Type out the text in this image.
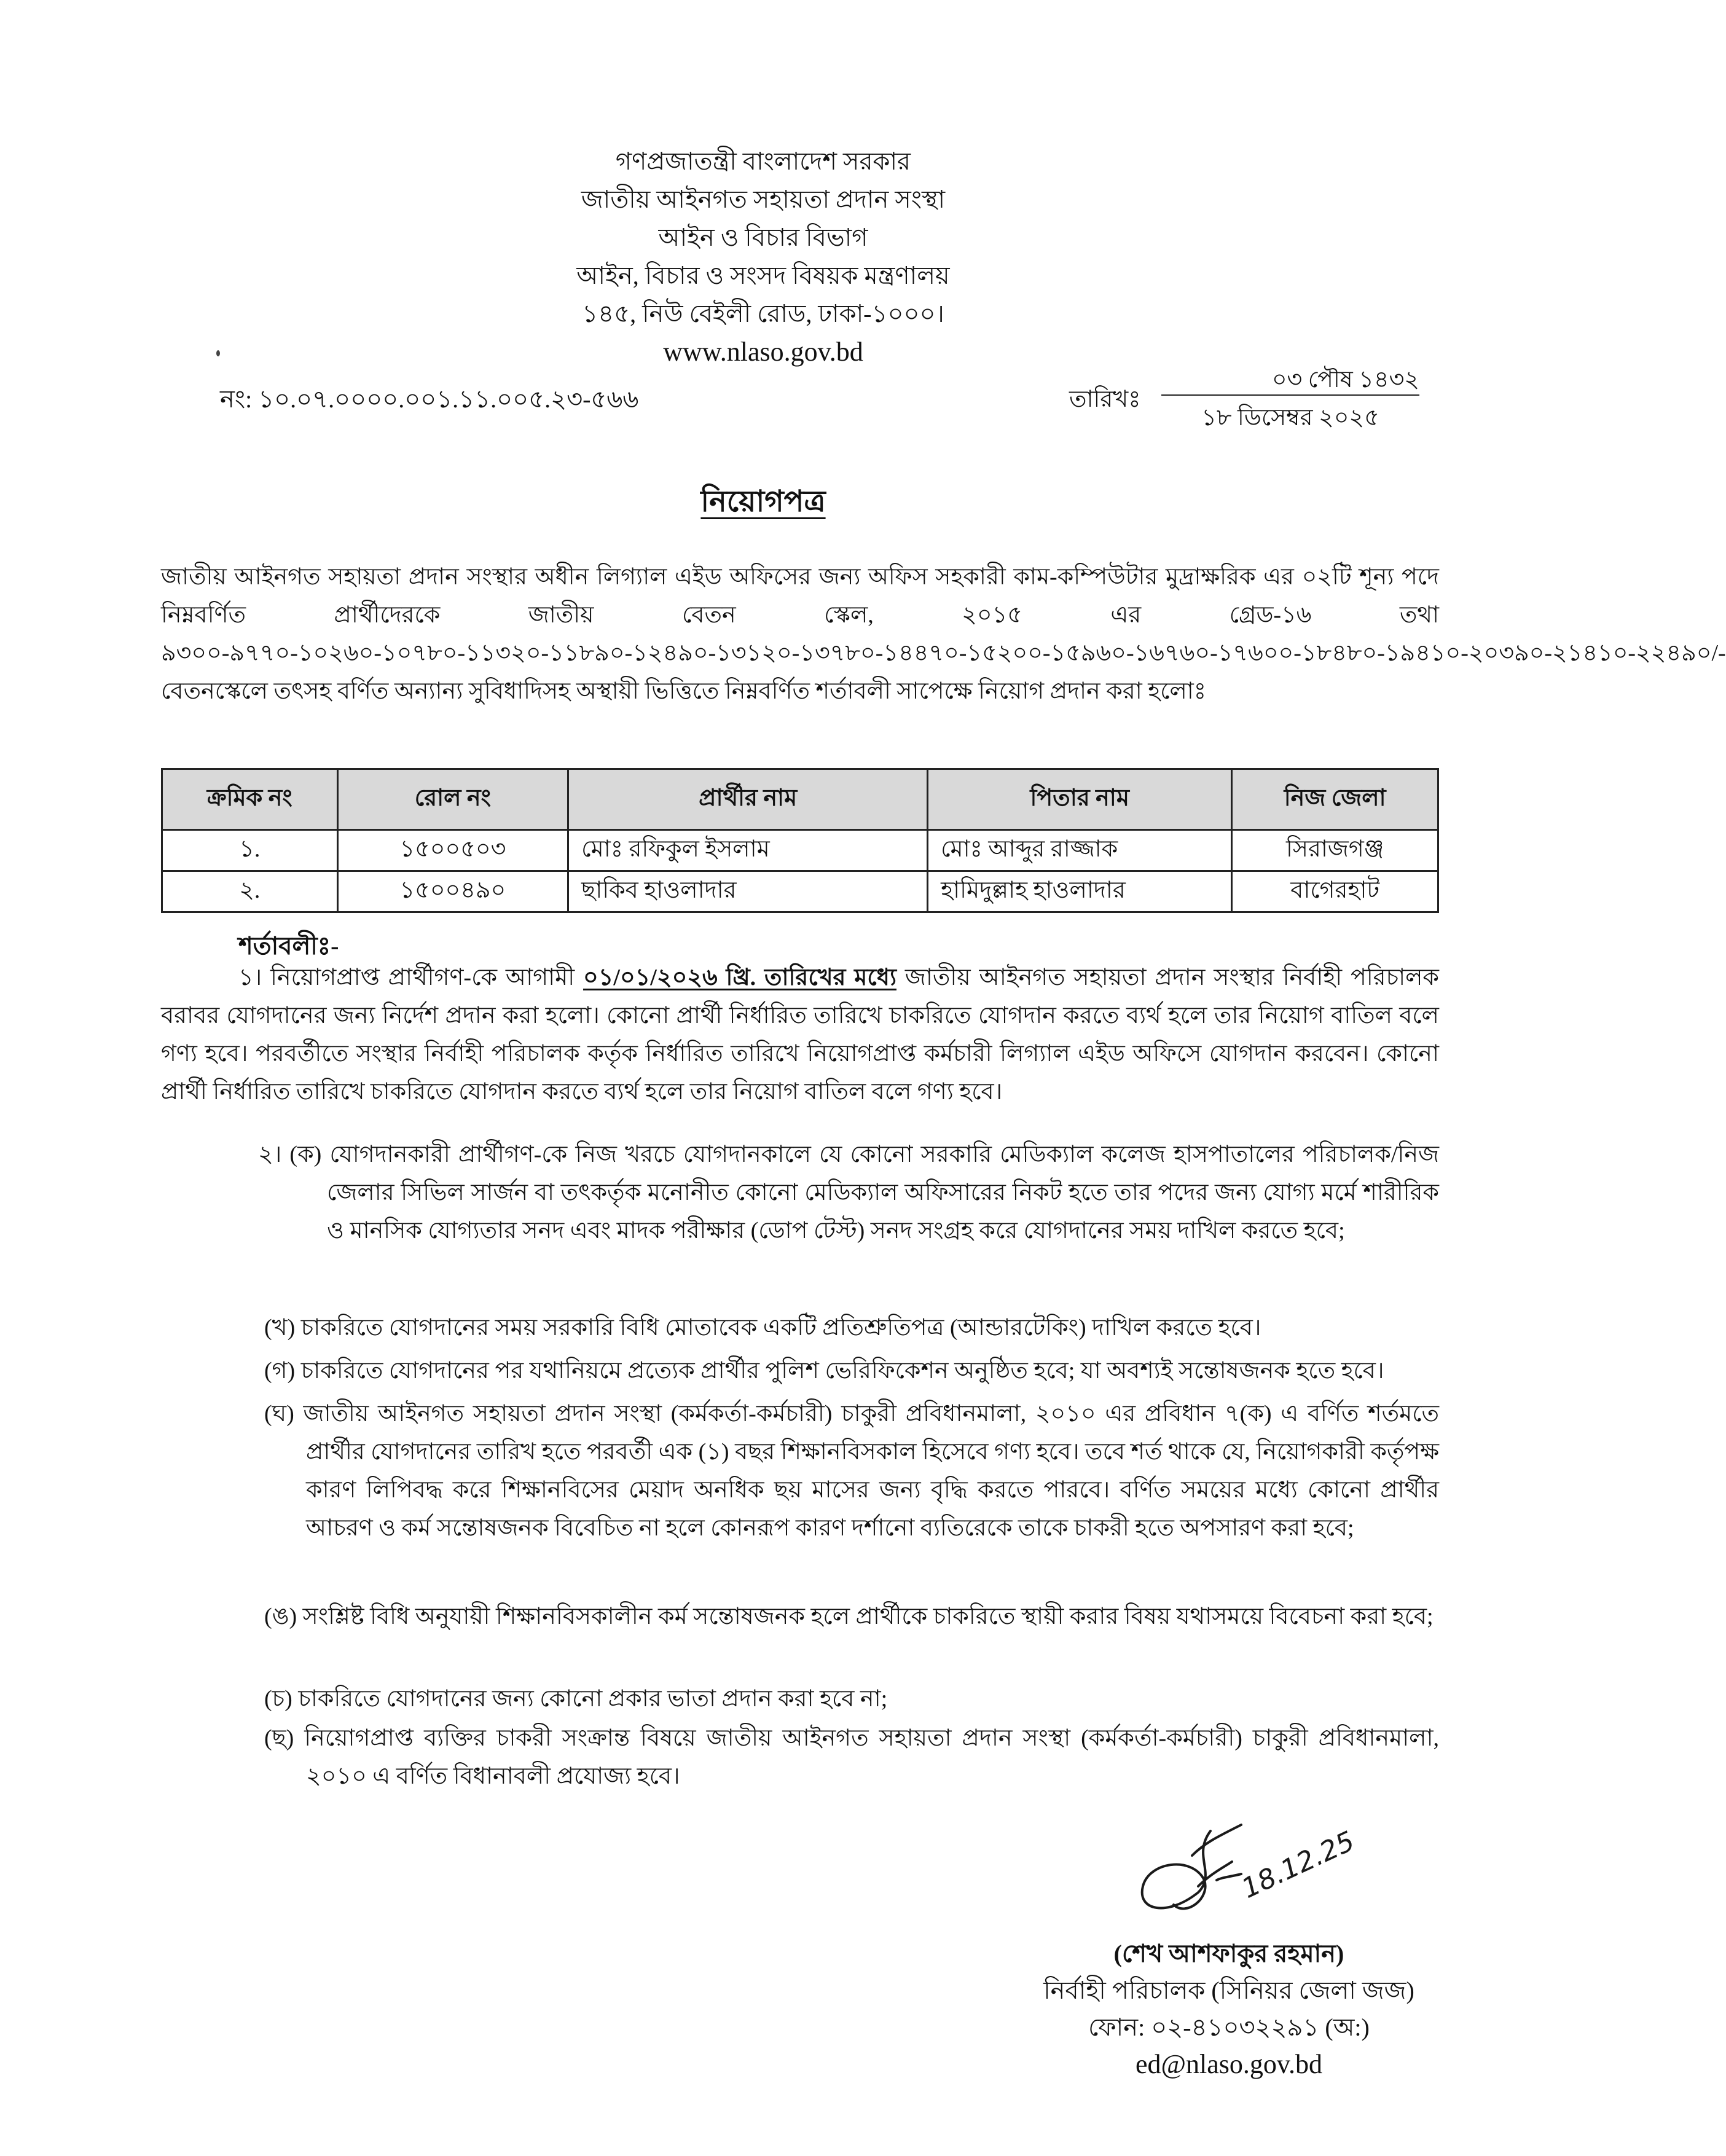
গণপ্রজাতন্ত্রী বাংলাদেশ সরকার
জাতীয় আইনগত সহায়তা প্রদান সংস্থা
আইন ও বিচার বিভাগ
আইন, বিচার ও সংসদ বিষয়ক মন্ত্রণালয়
১৪৫, নিউ বেইলী রোড, ঢাকা-১০০০।
www.nlaso.gov.bd
নং: ১০.০৭.০০০০.০০১.১১.০০৫.২৩-৫৬৬	তারিখঃ
০৩ পৌষ ১৪৩২
১৮ ডিসেম্বর ২০২৫
নিয়োগপত্র
জাতীয় আইনগত সহায়তা প্রদান সংস্থার অধীন লিগ্যাল এইড অফিসের জন্য অফিস সহকারী কাম-কম্পিউটার মুদ্রাক্ষরিক এর ০২টি শূন্য পদে নিম্নবর্ণিত প্রার্থীদেরকে জাতীয় বেতন স্কেল, ২০১৫ এর গ্রেড-১৬ তথা ৯৩০০-৯৭৭০-১০২৬০-১০৭৮০-১১৩২০-১১৮৯০-১২৪৯০-১৩১২০-১৩৭৮০-১৪৪৭০-১৫২০০-১৫৯৬০-১৬৭৬০-১৭৬০০-১৮৪৮০-১৯৪১০-২০৩৯০-২১৪১০-২২৪৯০/- বেতনস্কেলে তৎসহ বর্ণিত অন্যান্য সুবিধাদিসহ অস্থায়ী ভিত্তিতে নিম্নবর্ণিত শর্তাবলী সাপেক্ষে নিয়োগ প্রদান করা হলোঃ
ক্রমিক নং	রোল নং	প্রার্থীর নাম	পিতার নাম	নিজ জেলা
১.	১৫০০৫০৩	মোঃ রফিকুল ইসলাম	মোঃ আব্দুর রাজ্জাক	সিরাজগঞ্জ
২.	১৫০০৪৯০	ছাকিব হাওলাদার	হামিদুল্লাহ হাওলাদার	বাগেরহাট
শর্তাবলীঃ-
১। নিয়োগপ্রাপ্ত প্রার্থীগণ-কে আগামী ০১/০১/২০২৬ খ্রি. তারিখের মধ্যে জাতীয় আইনগত সহায়তা প্রদান সংস্থার নির্বাহী পরিচালক বরাবর যোগদানের জন্য নির্দেশ প্রদান করা হলো। কোনো প্রার্থী নির্ধারিত তারিখে চাকরিতে যোগদান করতে ব্যর্থ হলে তার নিয়োগ বাতিল বলে গণ্য হবে। পরবর্তীতে সংস্থার নির্বাহী পরিচালক কর্তৃক নির্ধারিত তারিখে নিয়োগপ্রাপ্ত কর্মচারী লিগ্যাল এইড অফিসে যোগদান করবেন। কোনো প্রার্থী নির্ধারিত তারিখে চাকরিতে যোগদান করতে ব্যর্থ হলে তার নিয়োগ বাতিল বলে গণ্য হবে।
২। (ক) যোগদানকারী প্রার্থীগণ-কে নিজ খরচে যোগদানকালে যে কোনো সরকারি মেডিক্যাল কলেজ হাসপাতালের পরিচালক/নিজ জেলার সিভিল সার্জন বা তৎকর্তৃক মনোনীত কোনো মেডিক্যাল অফিসারের নিকট হতে তার পদের জন্য যোগ্য মর্মে শারীরিক ও মানসিক যোগ্যতার সনদ এবং মাদক পরীক্ষার (ডোপ টেস্ট) সনদ সংগ্রহ করে যোগদানের সময় দাখিল করতে হবে;
(খ) চাকরিতে যোগদানের সময় সরকারি বিধি মোতাবেক একটি প্রতিশ্রুতিপত্র (আন্ডারটেকিং) দাখিল করতে হবে।
(গ) চাকরিতে যোগদানের পর যথানিয়মে প্রত্যেক প্রার্থীর পুলিশ ভেরিফিকেশন অনুষ্ঠিত হবে; যা অবশ্যই সন্তোষজনক হতে হবে।
(ঘ) জাতীয় আইনগত সহায়তা প্রদান সংস্থা (কর্মকর্তা-কর্মচারী) চাকুরী প্রবিধানমালা, ২০১০ এর প্রবিধান ৭(ক) এ বর্ণিত শর্তমতে প্রার্থীর যোগদানের তারিখ হতে পরবর্তী এক (১) বছর শিক্ষানবিসকাল হিসেবে গণ্য হবে। তবে শর্ত থাকে যে, নিয়োগকারী কর্তৃপক্ষ কারণ লিপিবদ্ধ করে শিক্ষানবিসের মেয়াদ অনধিক ছয় মাসের জন্য বৃদ্ধি করতে পারবে। বর্ণিত সময়ের মধ্যে কোনো প্রার্থীর আচরণ ও কর্ম সন্তোষজনক বিবেচিত না হলে কোনরূপ কারণ দর্শানো ব্যতিরেকে তাকে চাকরী হতে অপসারণ করা হবে;
(ঙ) সংশ্লিষ্ট বিধি অনুযায়ী শিক্ষানবিসকালীন কর্ম সন্তোষজনক হলে প্রার্থীকে চাকরিতে স্থায়ী করার বিষয় যথাসময়ে বিবেচনা করা হবে;
(চ) চাকরিতে যোগদানের জন্য কোনো প্রকার ভাতা প্রদান করা হবে না;
(ছ) নিয়োগপ্রাপ্ত ব্যক্তির চাকরী সংক্রান্ত বিষয়ে জাতীয় আইনগত সহায়তা প্রদান সংস্থা (কর্মকর্তা-কর্মচারী) চাকুরী প্রবিধানমালা, ২০১০ এ বর্ণিত বিধানাবলী প্রযোজ্য হবে।
18.12.25
(শেখ আশফাকুর রহমান)
নির্বাহী পরিচালক (সিনিয়র জেলা জজ)
ফোন: ০২-৪১০৩২২৯১ (অ:)
ed@nlaso.gov.bd
